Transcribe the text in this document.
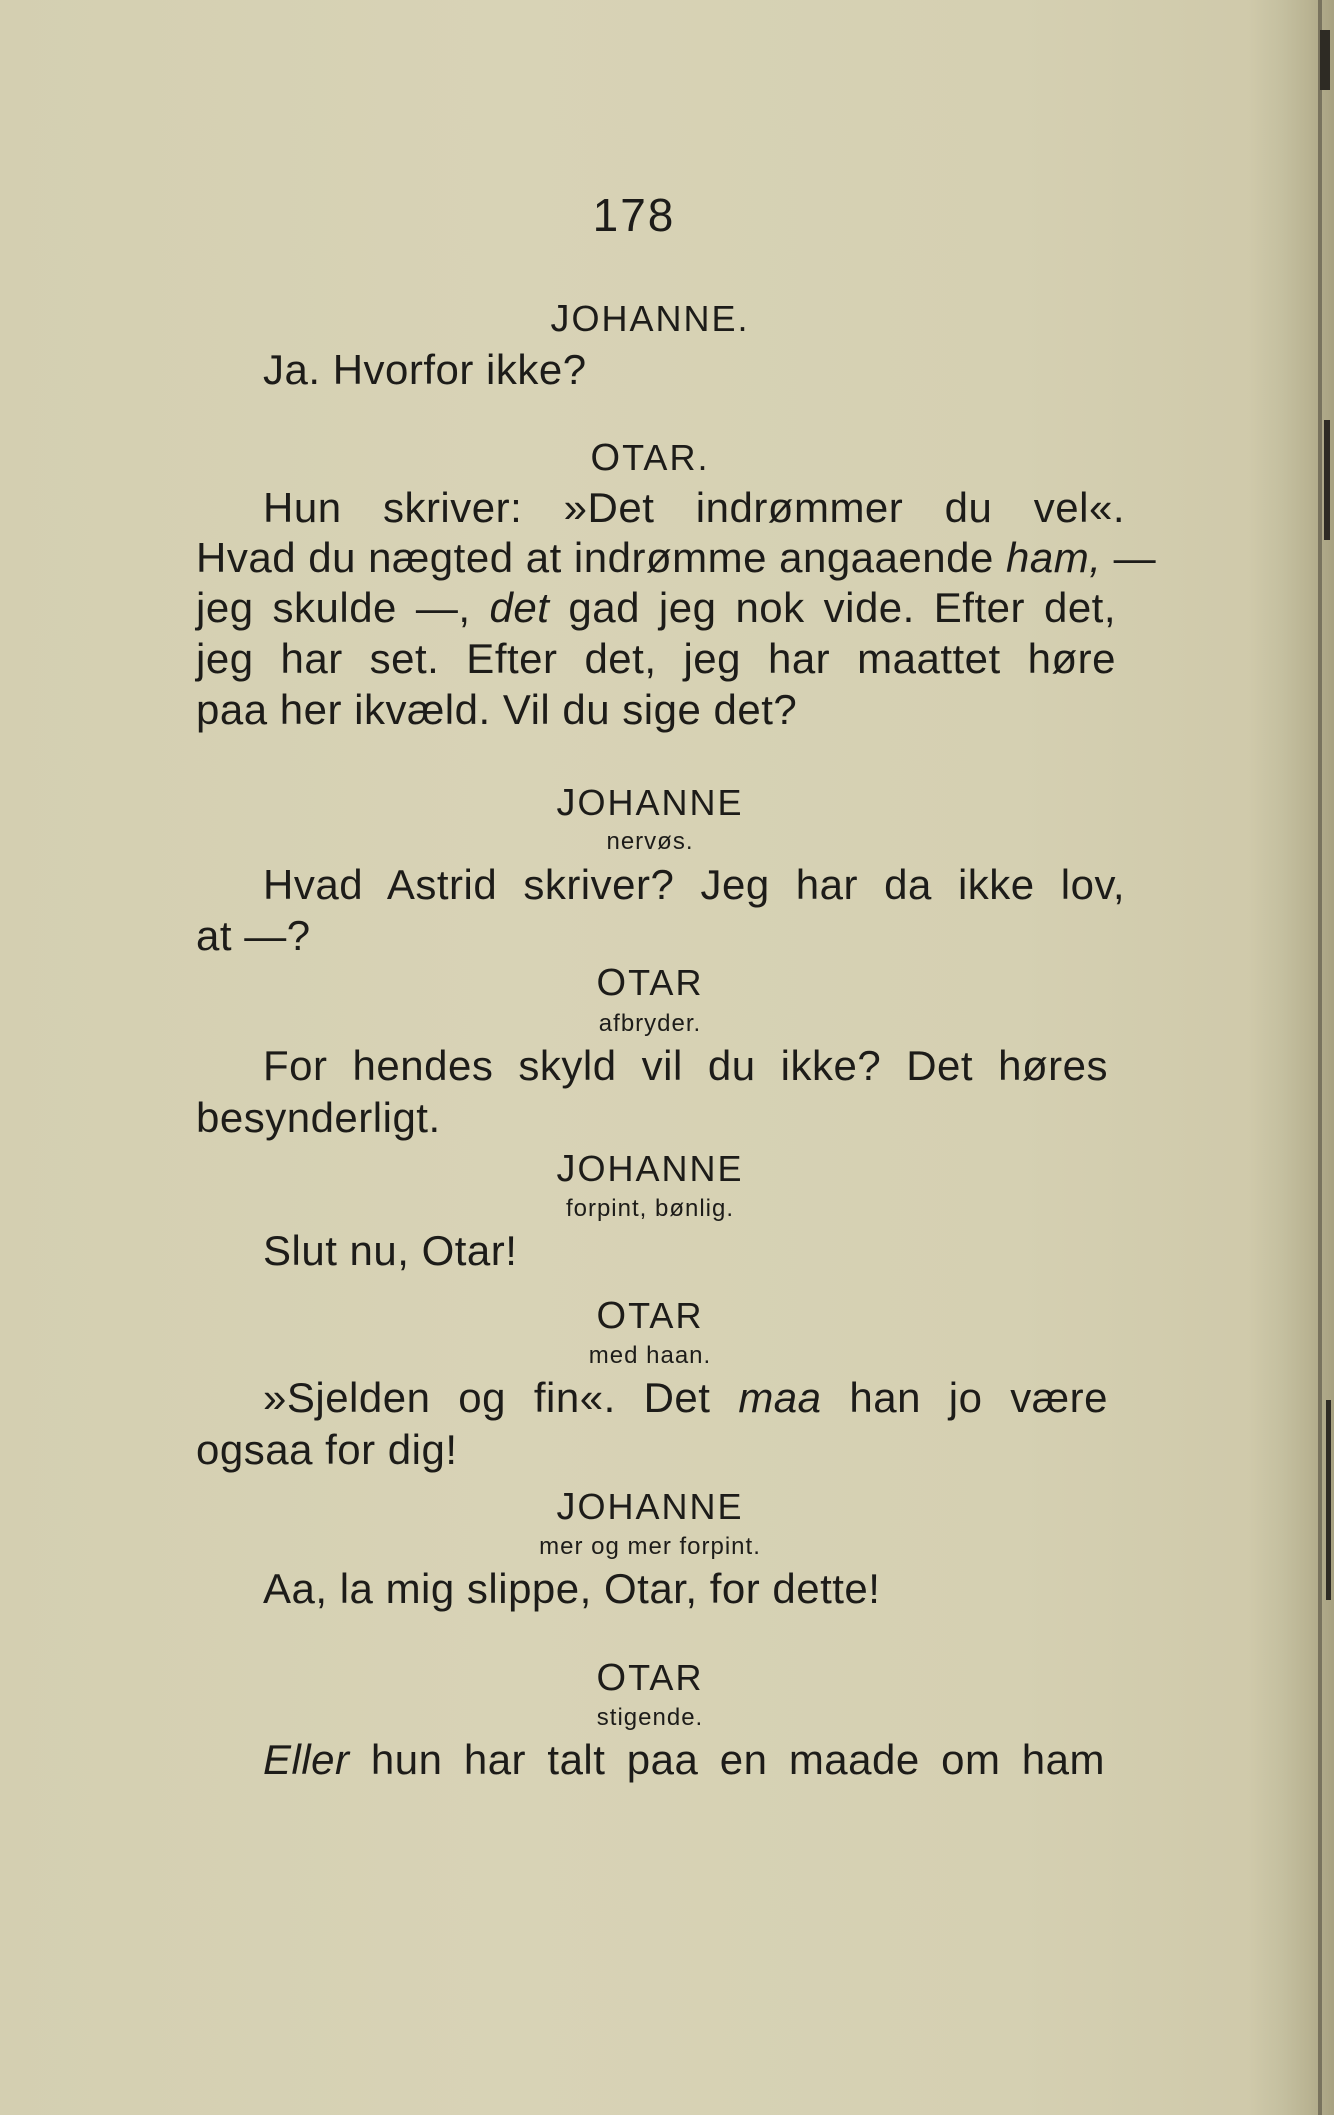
178
JOHANNE.
Ja. Hvorfor ikke?
OTAR.
Hun skriver: »Det indrømmer du vel«.
Hvad du nægted at indrømme angaaende ham, —
jeg skulde —, det gad jeg nok vide. Efter det,
jeg har set. Efter det, jeg har maattet høre
paa her ikvæld. Vil du sige det?
JOHANNE
nervøs.
Hvad Astrid skriver? Jeg har da ikke lov,
at —?
OTAR
afbryder.
For hendes skyld vil du ikke? Det høres
besynderligt.
JOHANNE
forpint, bønlig.
Slut nu, Otar!
OTAR
med haan.
»Sjelden og fin«. Det maa han jo være
ogsaa for dig!
JOHANNE
mer og mer forpint.
Aa, la mig slippe, Otar, for dette!
OTAR
stigende.
Eller hun har talt paa en maade om ham
